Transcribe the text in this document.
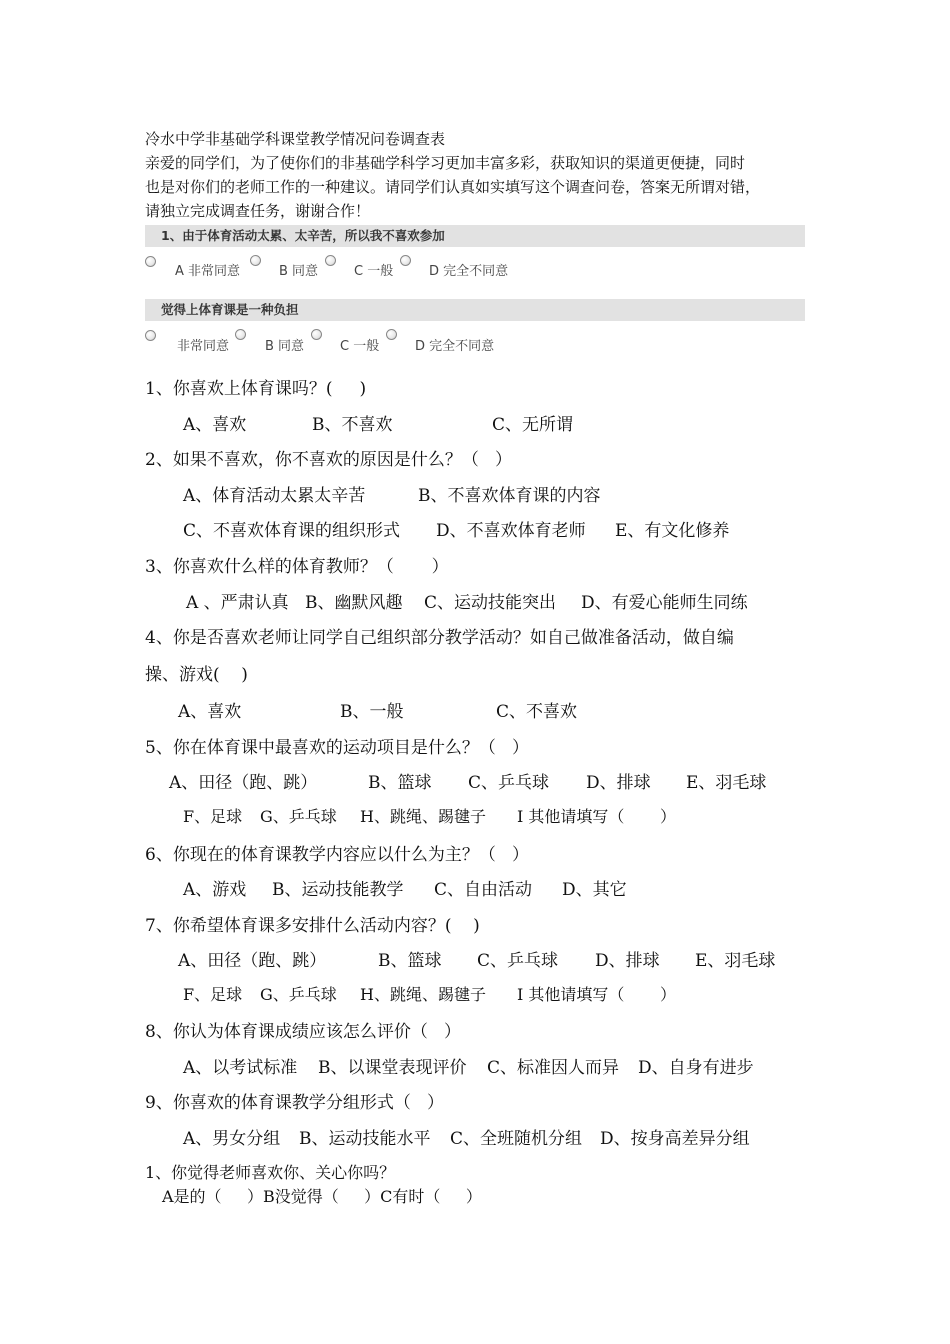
冷水中学非基础学科课堂教学情况问卷调查表
亲爱的同学们，为了使你们的非基础学科学习更加丰富多彩，获取知识的渠道更便捷，同时
也是对你们的老师工作的一种建议。请同学们认真如实填写这个调查问卷，答案无所谓对错，
请独立完成调查任务，谢谢合作！
1、由于体育活动太累、太辛苦，所以我不喜欢参加
A 非常同意	B 同意	C 一般	D 完全不同意
觉得上体育课是一种负担
非常同意	B 同意	C 一般	D 完全不同意
1、你喜欢上体育课吗？(     )
A、喜欢	B、不喜欢	C、无所谓
2、如果不喜欢，你不喜欢的原因是什么？（   ）
A、体育活动太累太辛苦	B、不喜欢体育课的内容
C、不喜欢体育课的组织形式 D、不喜欢体育老师 E、有文化修养
3、你喜欢什么样的体育教师？（       ）
A 、严肃认真 B、幽默风趣 C、运动技能突出 D、有爱心能师生同练
4、你是否喜欢老师让同学自己组织部分教学活动？如自己做准备活动，做自编
操、游戏(    )
A、喜欢	B、一般	C、不喜欢
5、你在体育课中最喜欢的运动项目是什么？（   ）
A、田径（跑、跳）	B、篮球 C、乒乓球 D、排球 E、羽毛球
F、足球 G、乒乓球 H、跳绳、踢毽子 I 其他请填写（       ）
6、你现在的体育课教学内容应以什么为主？（   ）
A、游戏 B、运动技能教学 C、自由活动 D、其它
7、你希望体育课多安排什么活动内容？(    )
A、田径（跑、跳）	B、篮球 C、乒乓球 D、排球 E、羽毛球
F、足球 G、乒乓球 H、跳绳、踢毽子 I 其他请填写（       ）
8、你认为体育课成绩应该怎么评价（   ）
A、以考试标准 B、以课堂表现评价 C、标准因人而异 D、自身有进步
9、你喜欢的体育课教学分组形式（   ）
A、男女分组 B、运动技能水平 C、全班随机分组 D、按身高差异分组
1、你觉得老师喜欢你、关心你吗？
A是的（     ）B没觉得（     ）C有时（     ）
